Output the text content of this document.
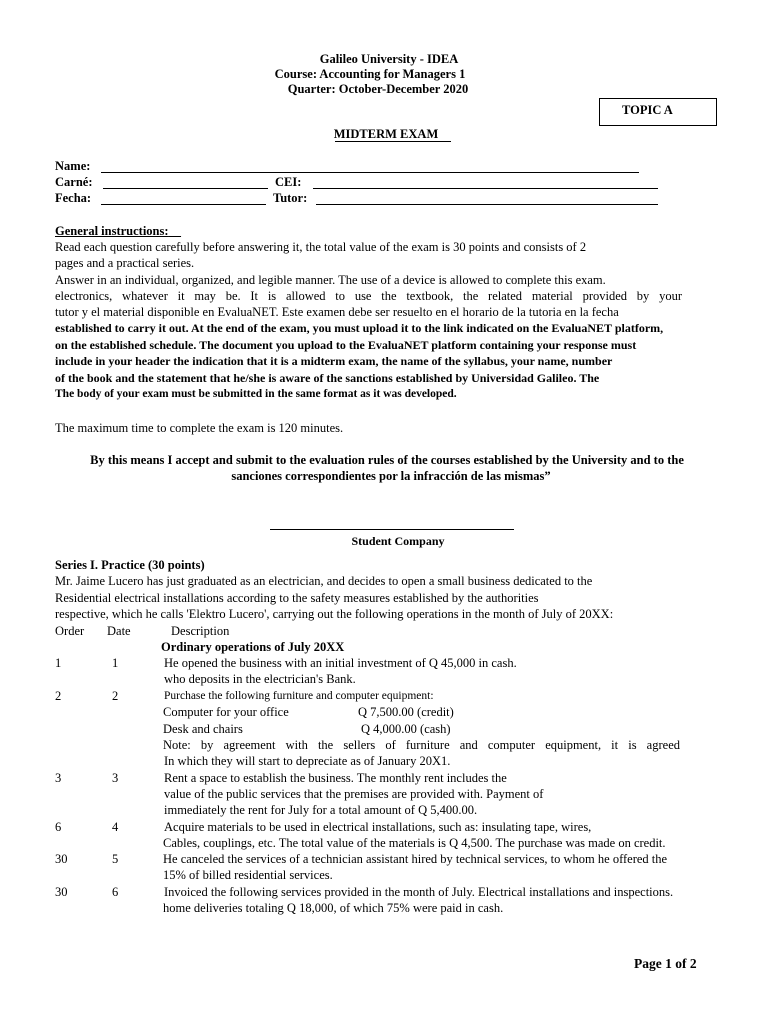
Galileo University - IDEA
Course: Accounting for Managers 1
Quarter: October-December 2020
TOPIC A
MIDTERM EXAM
Name:
Carné:	CEI:
Fecha:	Tutor:
General instructions:
Read each question carefully before answering it, the total value of the exam is 30 points and consists of 2
pages and a practical series.
Answer in an individual, organized, and legible manner. The use of a device is allowed to complete this exam.
electronics, whatever it may be. It is allowed to use the textbook, the related material provided by your
tutor y el material disponible en EvaluaNET. Este examen debe ser resuelto en el horario de la tutoria en la fecha
established to carry it out. At the end of the exam, you must upload it to the link indicated on the EvaluaNET platform,
on the established schedule. The document you upload to the EvaluaNET platform containing your response must
include in your header the indication that it is a midterm exam, the name of the syllabus, your name, number
of the book and the statement that he/she is aware of the sanctions established by Universidad Galileo. The
The body of your exam must be submitted in the same format as it was developed.
The maximum time to complete the exam is 120 minutes.
By this means I accept and submit to the evaluation rules of the courses established by the University and to the
sanciones correspondientes por la infracción de las mismas”
Student Company
Series I. Practice (30 points)
Mr. Jaime Lucero has just graduated as an electrician, and decides to open a small business dedicated to the
Residential electrical installations according to the safety measures established by the authorities
respective, which he calls 'Elektro Lucero', carrying out the following operations in the month of July of 20XX:
Order Date	Description
Ordinary operations of July 20XX
1	1	He opened the business with an initial investment of Q 45,000 in cash.
who deposits in the electrician's Bank.
2	2	Purchase the following furniture and computer equipment:
Computer for your office	Q 7,500.00 (credit)
Desk and chairs	Q 4,000.00 (cash)
Note: by agreement with the sellers of furniture and computer equipment, it is agreed
In which they will start to depreciate as of January 20X1.
3	3	Rent a space to establish the business. The monthly rent includes the
value of the public services that the premises are provided with. Payment of
immediately the rent for July for a total amount of Q 5,400.00.
6	4	Acquire materials to be used in electrical installations, such as: insulating tape, wires,
Cables, couplings, etc. The total value of the materials is Q 4,500. The purchase was made on credit.
30	5	He canceled the services of a technician assistant hired by technical services, to whom he offered the
15% of billed residential services.
30	6	Invoiced the following services provided in the month of July. Electrical installations and inspections.
home deliveries totaling Q 18,000, of which 75% were paid in cash.
Page 1 of 2
